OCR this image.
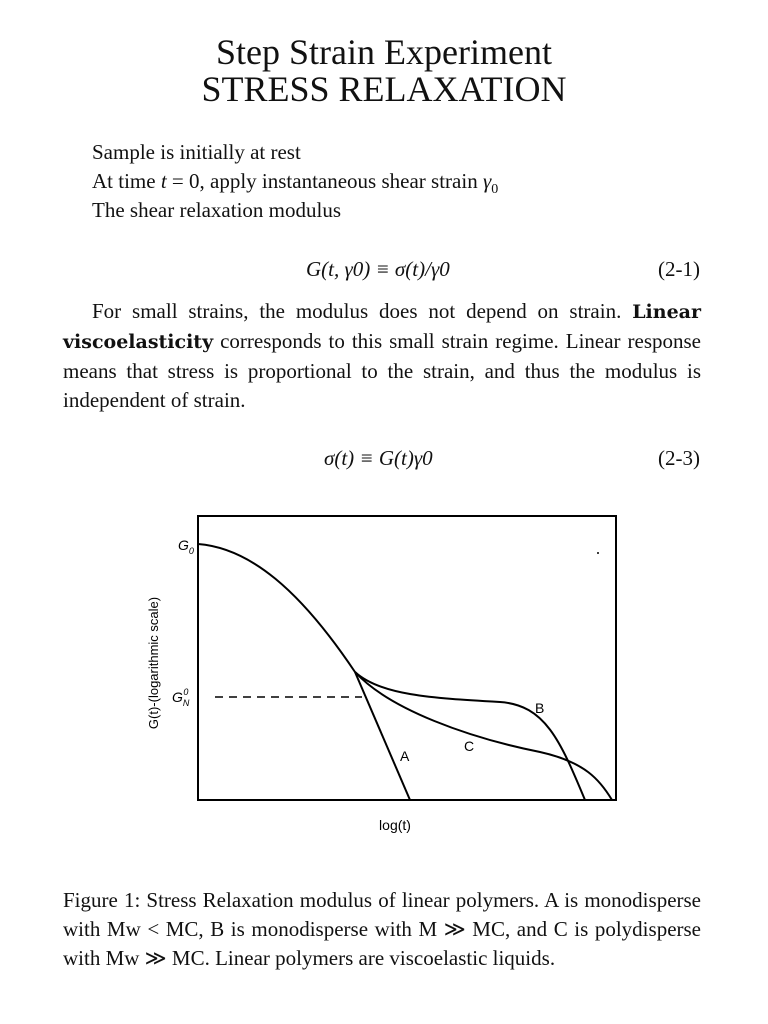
Step Strain Experiment
STRESS RELAXATION
Sample is initially at rest
At time t = 0, apply instantaneous shear strain $\gamma_0$
The shear relaxation modulus
G(t, γ0) ≡ σ(t)/γ0	(2-1)
For small strains, the modulus does not depend on strain. Linear viscoelasticity corresponds to this small strain regime. Linear response means that stress is proportional to the strain, and thus the modulus is independent of strain.
σ(t) ≡ G(t)γ0	(2-3)
A
B
C
$G_0$
$G_N0$
G(t)-(logarithmic scale)
log(t)
Figure 1: Stress Relaxation modulus of linear polymers. A is monodisperse with Mw < MC, B is monodisperse with M ≫ MC, and C is polydisperse with Mw ≫ MC. Linear polymers are viscoelastic liquids.
